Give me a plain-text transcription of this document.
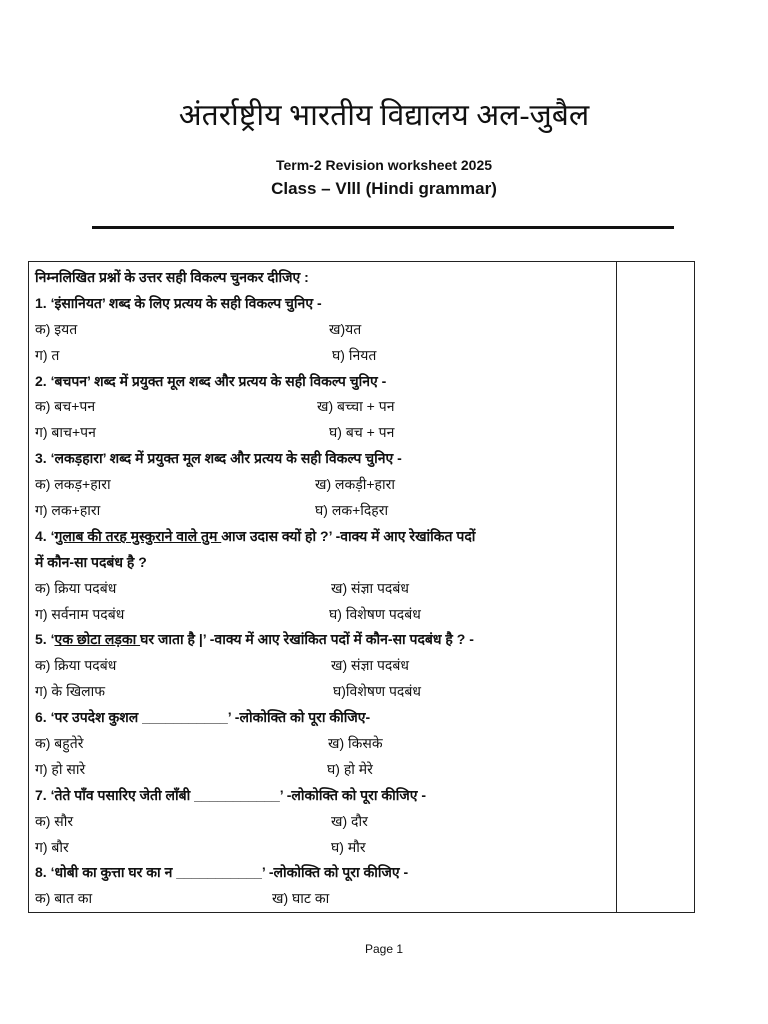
अंतर्राष्ट्रीय भारतीय विद्यालय अल-जुबैल
Term-2 Revision worksheet 2025
Class – Vlll (Hindi grammar)
निम्नलिखित प्रश्नों के उत्तर सही विकल्प चुनकर दीजिए :
1. ‘इंसानियत’ शब्द के लिए प्रत्यय के सही विकल्प चुनिए -
क) इयत	ख)यत
ग) त	घ) नियत
2. ‘बचपन’ शब्द में प्रयुक्त मूल शब्द और प्रत्यय के सही विकल्प चुनिए -
क) बच+पन	ख) बच्चा + पन
ग) बाच+पन	घ) बच + पन
3. ‘लकड़हारा’ शब्द में प्रयुक्त मूल शब्द और प्रत्यय के सही विकल्प चुनिए -
क) लकड़+हारा	ख) लकड़ी+हारा
ग) लक+हारा	घ) लक+दिहरा
4. ‘गुलाब की तरह मुस्कुराने वाले तुम आज उदास क्यों हो ?’ -वाक्य में आए रेखांकित पदों
में कौन-सा पदबंध है ?
क) क्रिया पदबंध	ख) संज्ञा पदबंध
ग) सर्वनाम पदबंध	घ) विशेषण पदबंध
5. ‘एक छोटा लड़का घर जाता है |’ -वाक्य में आए रेखांकित पदों में कौन-सा पदबंध है ? -
क) क्रिया पदबंध	ख) संज्ञा पदबंध
ग) के खिलाफ	घ)विशेषण पदबंध
6. ‘पर उपदेश कुशल ___________’ -लोकोक्ति को पूरा कीजिए-
क) बहुतेरे	ख) किसके
ग) हो सारे	घ) हो मेरे
7. ‘तेते पाँव पसारिए जेती लाँबी ___________’ -लोकोक्ति को पूरा कीजिए -
क) सौर	ख) दौर
ग) बौर	घ) मौर
8. ‘धोबी का कुत्ता घर का न ___________’ -लोकोक्ति को पूरा कीजिए -
क) बात का	ख) घाट का
Page 1
